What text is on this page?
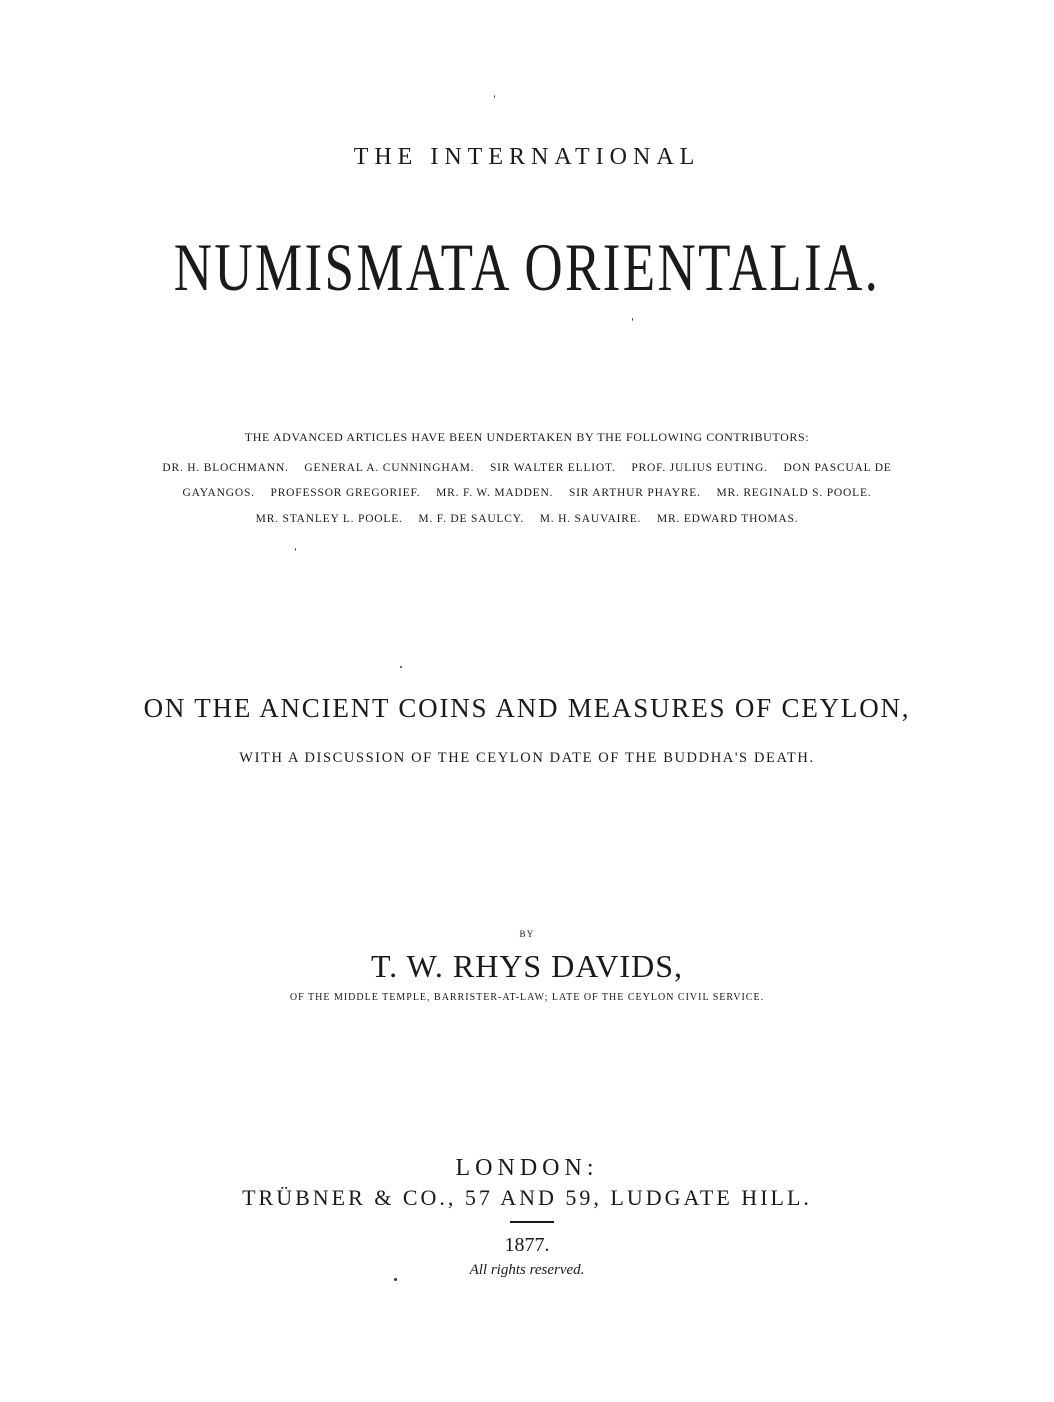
THE INTERNATIONAL
NUMISMATA ORIENTALIA.
THE ADVANCED ARTICLES HAVE BEEN UNDERTAKEN BY THE FOLLOWING CONTRIBUTORS:
DR. H. BLOCHMANN. GENERAL A. CUNNINGHAM. SIR WALTER ELLIOT. PROF. JULIUS EUTING. DON PASCUAL DE
GAYANGOS. PROFESSOR GREGORIEF. MR. F. W. MADDEN. SIR ARTHUR PHAYRE. MR. REGINALD S. POOLE.
MR. STANLEY L. POOLE. M. F. DE SAULCY. M. H. SAUVAIRE. MR. EDWARD THOMAS.
ON THE ANCIENT COINS AND MEASURES OF CEYLON,
WITH A DISCUSSION OF THE CEYLON DATE OF THE BUDDHA'S DEATH.
BY
T. W. RHYS DAVIDS,
OF THE MIDDLE TEMPLE, BARRISTER-AT-LAW; LATE OF THE CEYLON CIVIL SERVICE.
LONDON:
TRÜBNER & CO., 57 AND 59, LUDGATE HILL.
1877.
All rights reserved.
